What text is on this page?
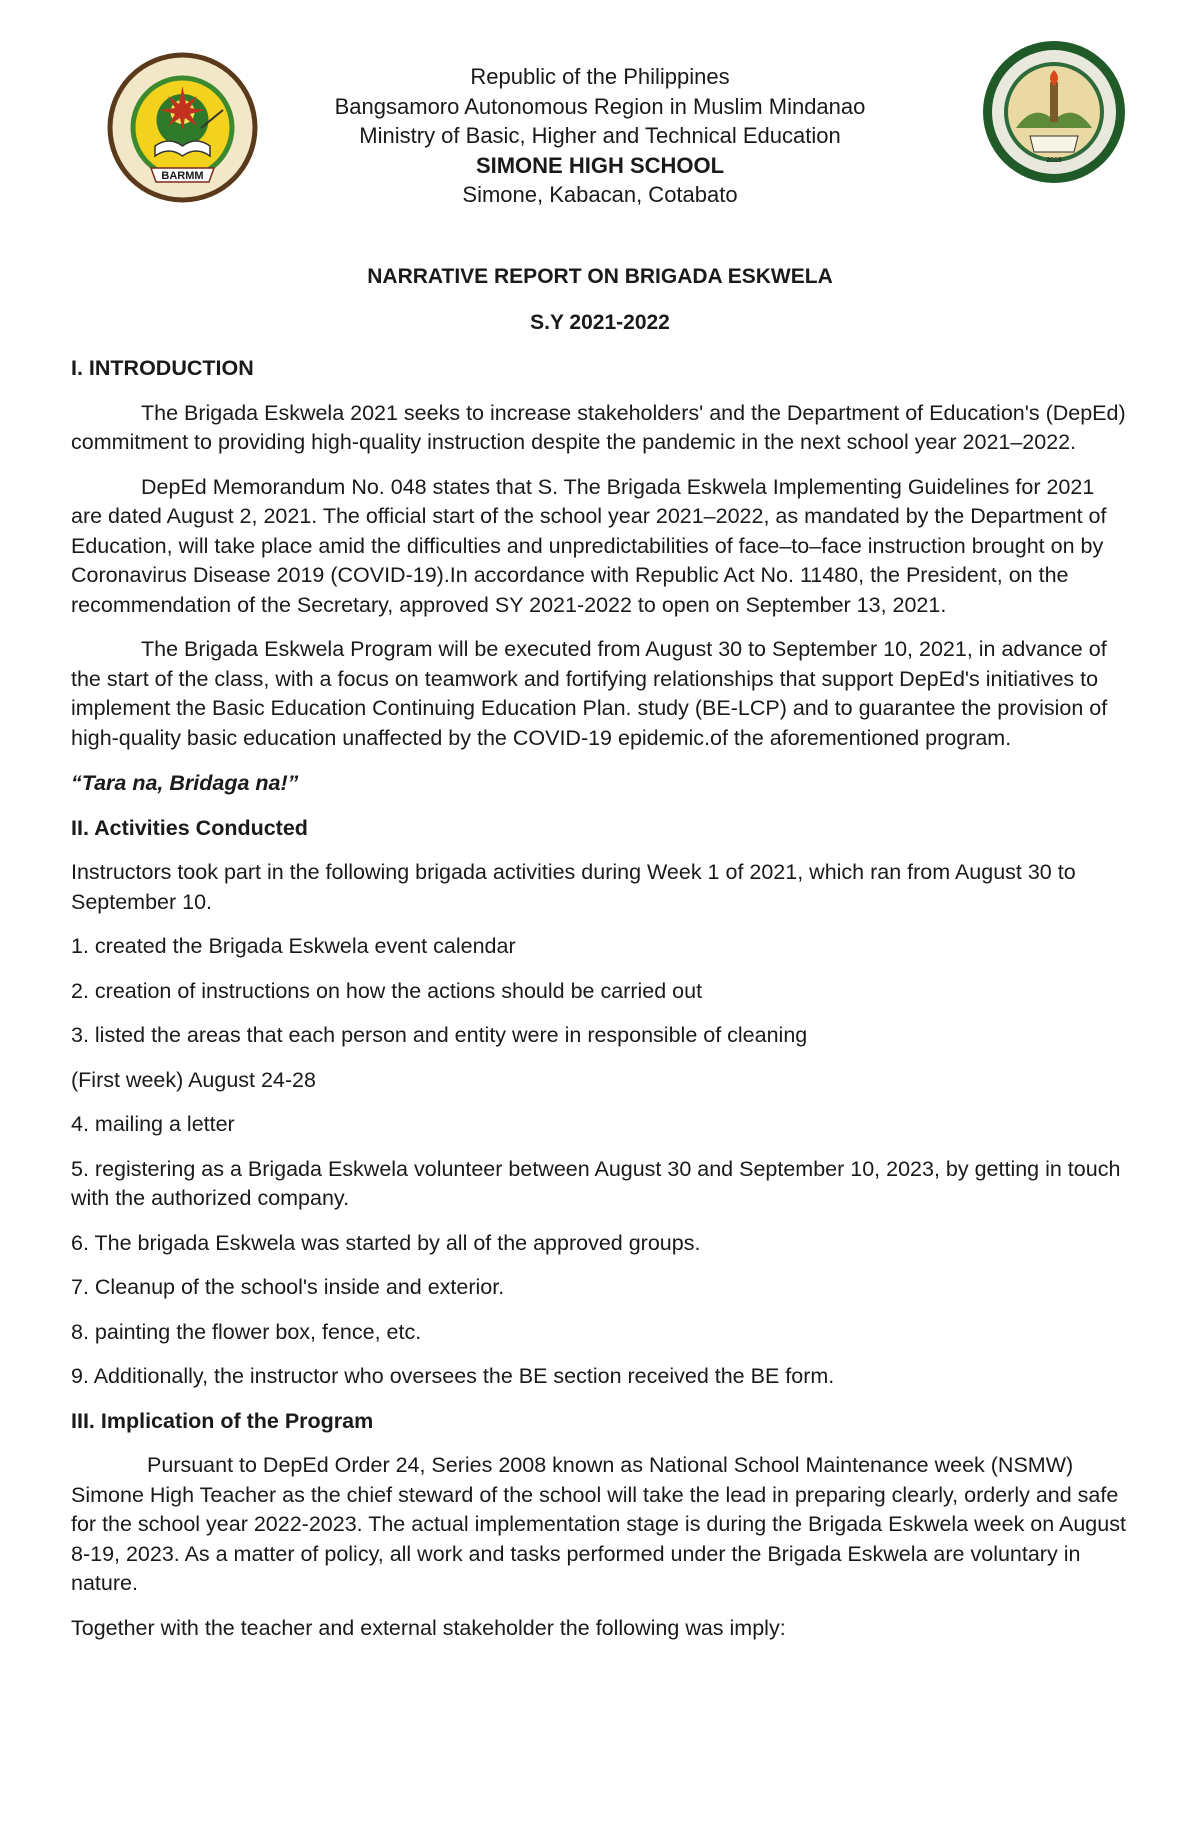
BARMM
2019
Republic of the Philippines
Bangsamoro Autonomous Region in Muslim Mindanao
Ministry of Basic, Higher and Technical Education
SIMONE HIGH SCHOOL
Simone, Kabacan, Cotabato
NARRATIVE REPORT ON BRIGADA ESKWELA
S.Y 2021-2022

I. INTRODUCTION

The Brigada Eskwela 2021 seeks to increase stakeholders' and the Department of Education's (DepEd) commitment to providing high-quality instruction despite the pandemic in the next school year 2021–2022.

DepEd Memorandum No. 048 states that S. The Brigada Eskwela Implementing Guidelines for 2021 are dated August 2, 2021. The official start of the school year 2021–2022, as mandated by the Department of Education, will take place amid the difficulties and unpredictabilities of face–to–face instruction brought on by Coronavirus Disease 2019 (COVID-19).In accordance with Republic Act No. 11480, the President, on the recommendation of the Secretary, approved SY 2021-2022 to open on September 13, 2021.

The Brigada Eskwela Program will be executed from August 30 to September 10, 2021, in advance of the start of the class, with a focus on teamwork and fortifying relationships that support DepEd's initiatives to implement the Basic Education Continuing Education Plan. study (BE-LCP) and to guarantee the provision of high-quality basic education unaffected by the COVID-19 epidemic.of the aforementioned program.

“Tara na, Bridaga na!”

II. Activities Conducted

Instructors took part in the following brigada activities during Week 1 of 2021, which ran from August 30 to September 10.

1. created the Brigada Eskwela event calendar

2. creation of instructions on how the actions should be carried out

3. listed the areas that each person and entity were in responsible of cleaning

(First week) August 24-28

4. mailing a letter

5. registering as a Brigada Eskwela volunteer between August 30 and September 10, 2023, by getting in touch with the authorized company.

6. The brigada Eskwela was started by all of the approved groups.

7. Cleanup of the school's inside and exterior.

8. painting the flower box, fence, etc.

9. Additionally, the instructor who oversees the BE section received the BE form.

III. Implication of the Program

Pursuant to DepEd Order 24, Series 2008 known as National School Maintenance week (NSMW) Simone High Teacher as the chief steward of the school will take the lead in preparing clearly, orderly and safe for the school year 2022-2023. The actual implementation stage is during the Brigada Eskwela week on August 8-19, 2023. As a matter of policy, all work and tasks performed under the Brigada Eskwela are voluntary in nature.

Together with the teacher and external stakeholder the following was imply:
